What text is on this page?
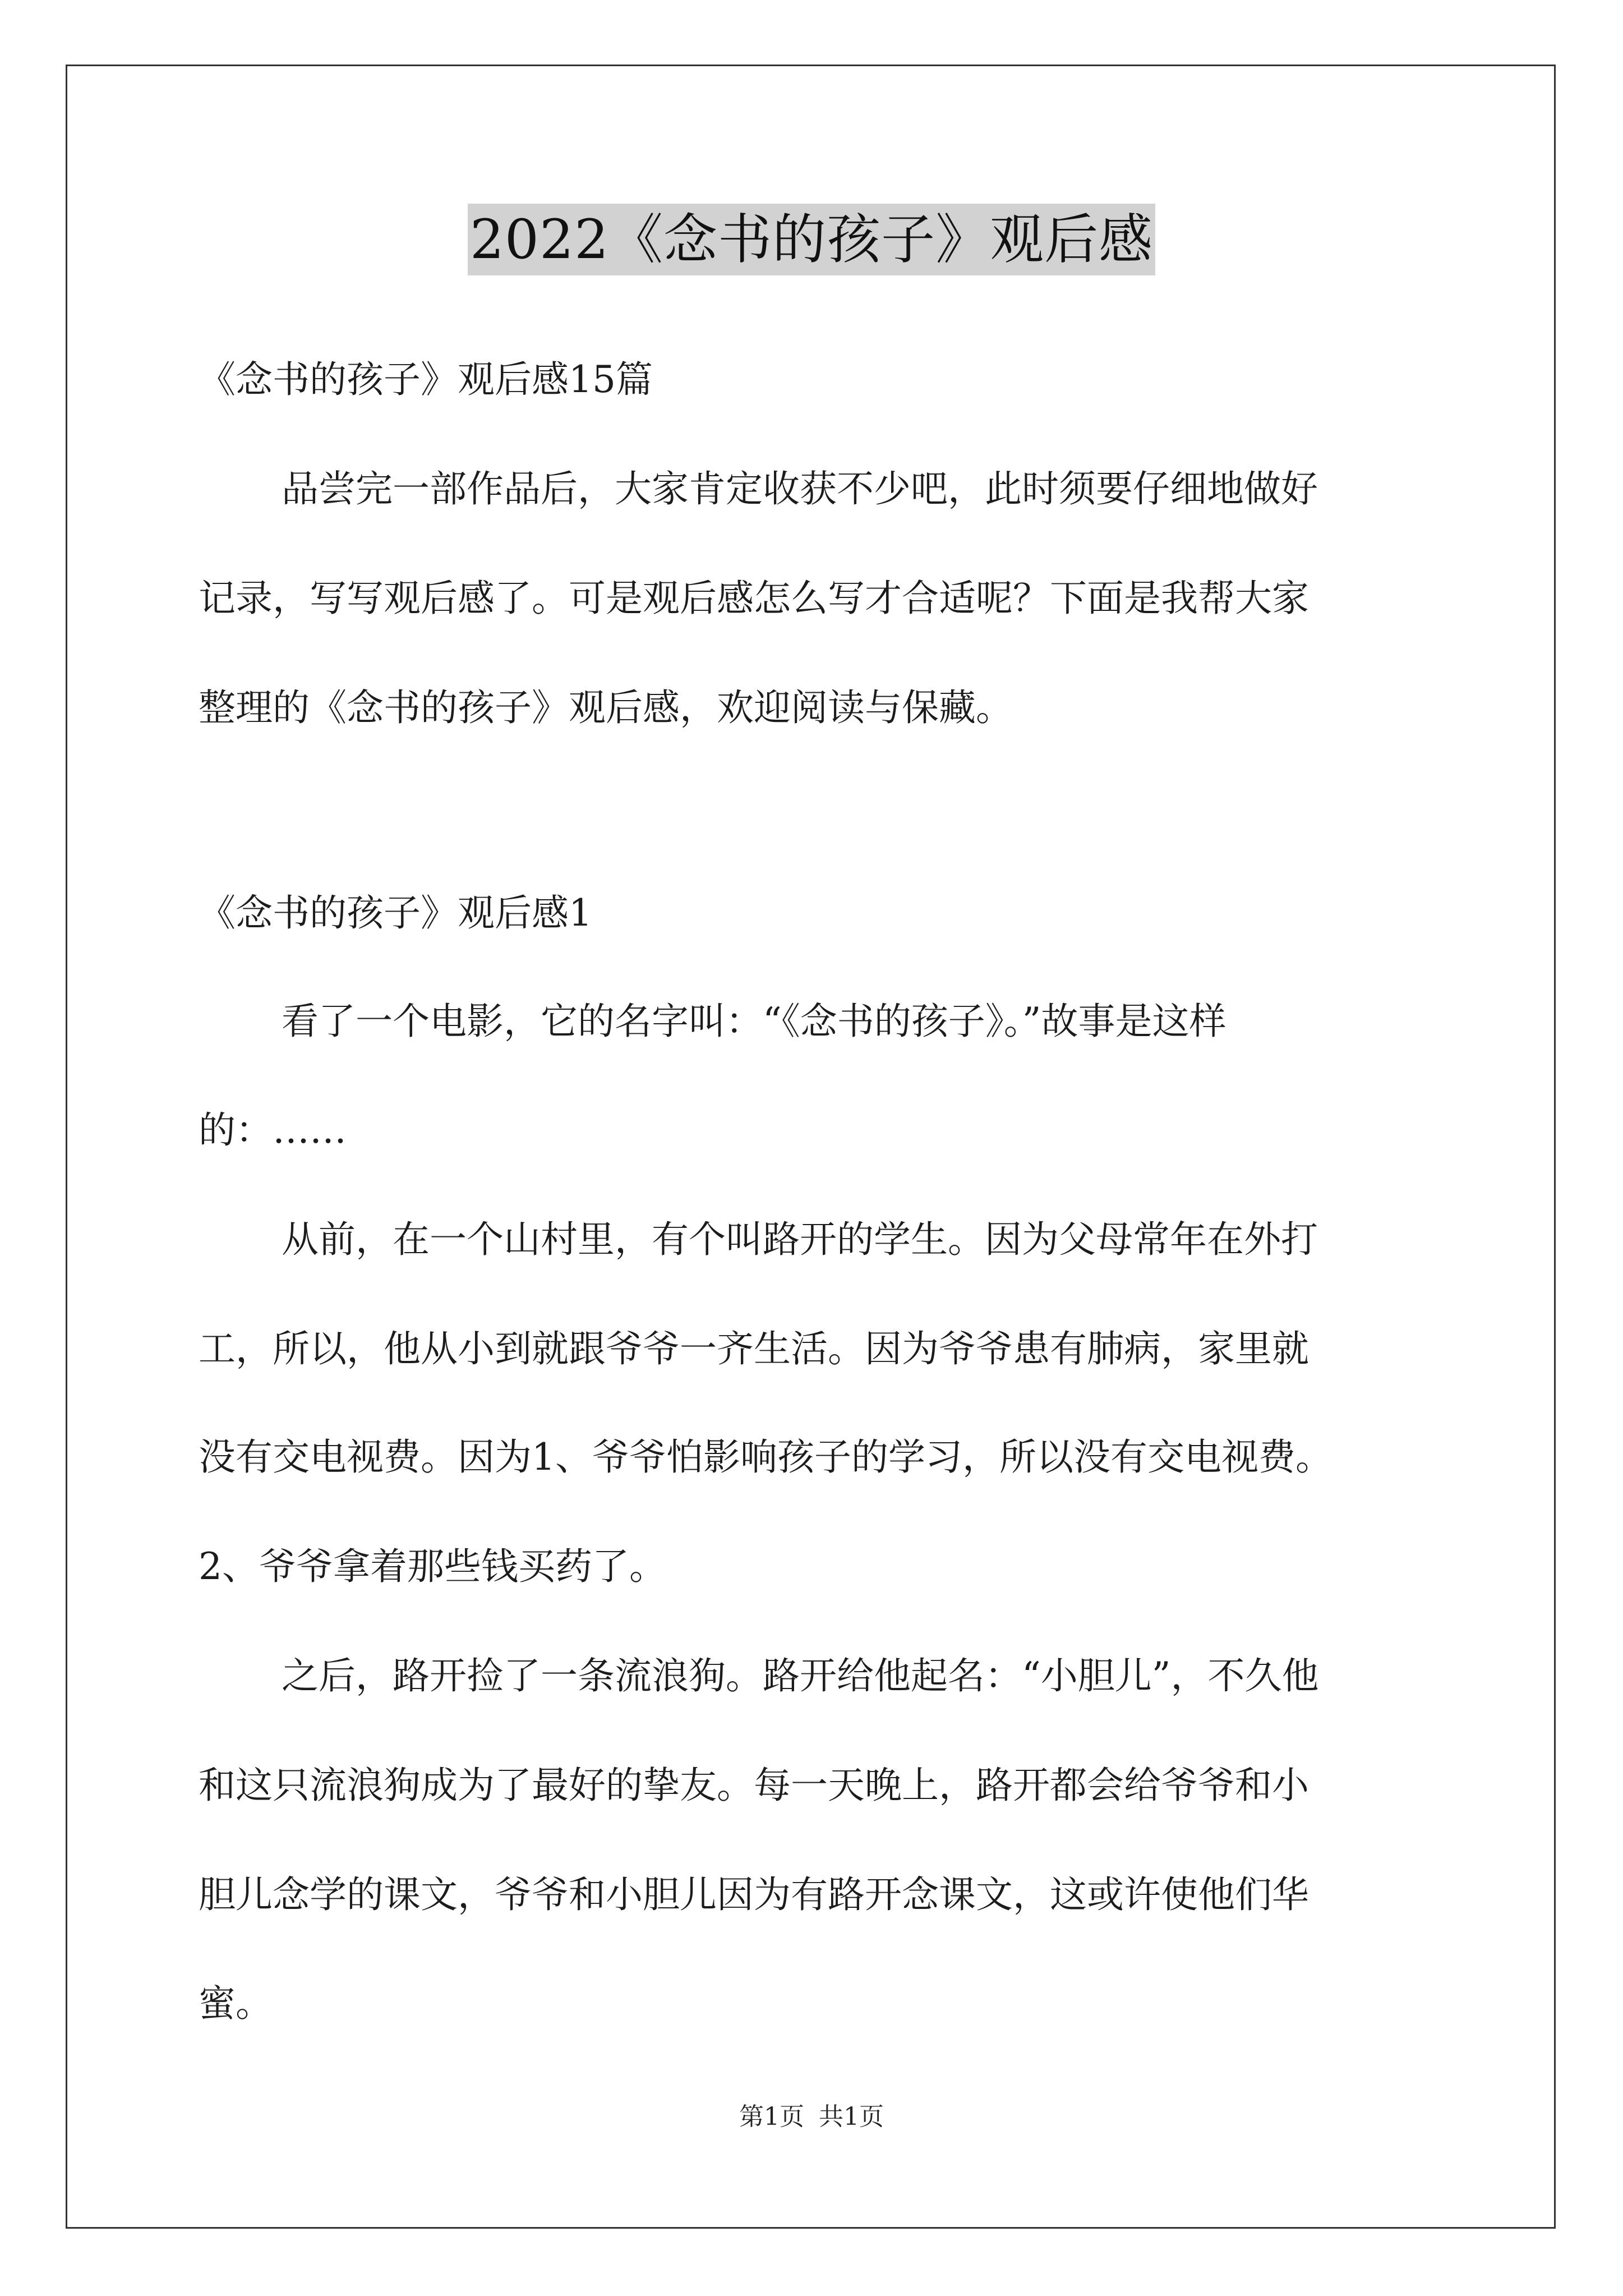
2022《念书的孩子》观后感

《念书的孩子》观后感15篇

品尝完一部作品后，大家肯定收获不少吧，此时须要仔细地做好

记录，写写观后感了。可是观后感怎么写才合适呢？下面是我帮大家

整理的《念书的孩子》观后感，欢迎阅读与保藏。

《念书的孩子》观后感1

看了一个电影，它的名字叫：“《念书的孩子》。”故事是这样

的：……

从前，在一个山村里，有个叫路开的学生。因为父母常年在外打

工，所以，他从小到就跟爷爷一齐生活。因为爷爷患有肺病，家里就

没有交电视费。因为1、爷爷怕影响孩子的学习，所以没有交电视费。

2、爷爷拿着那些钱买药了。

之后，路开捡了一条流浪狗。路开给他起名：“小胆儿”，不久他

和这只流浪狗成为了最好的挚友。每一天晚上，路开都会给爷爷和小

胆儿念学的课文，爷爷和小胆儿因为有路开念课文，这或许使他们华

蜜。

第1页 共1页
